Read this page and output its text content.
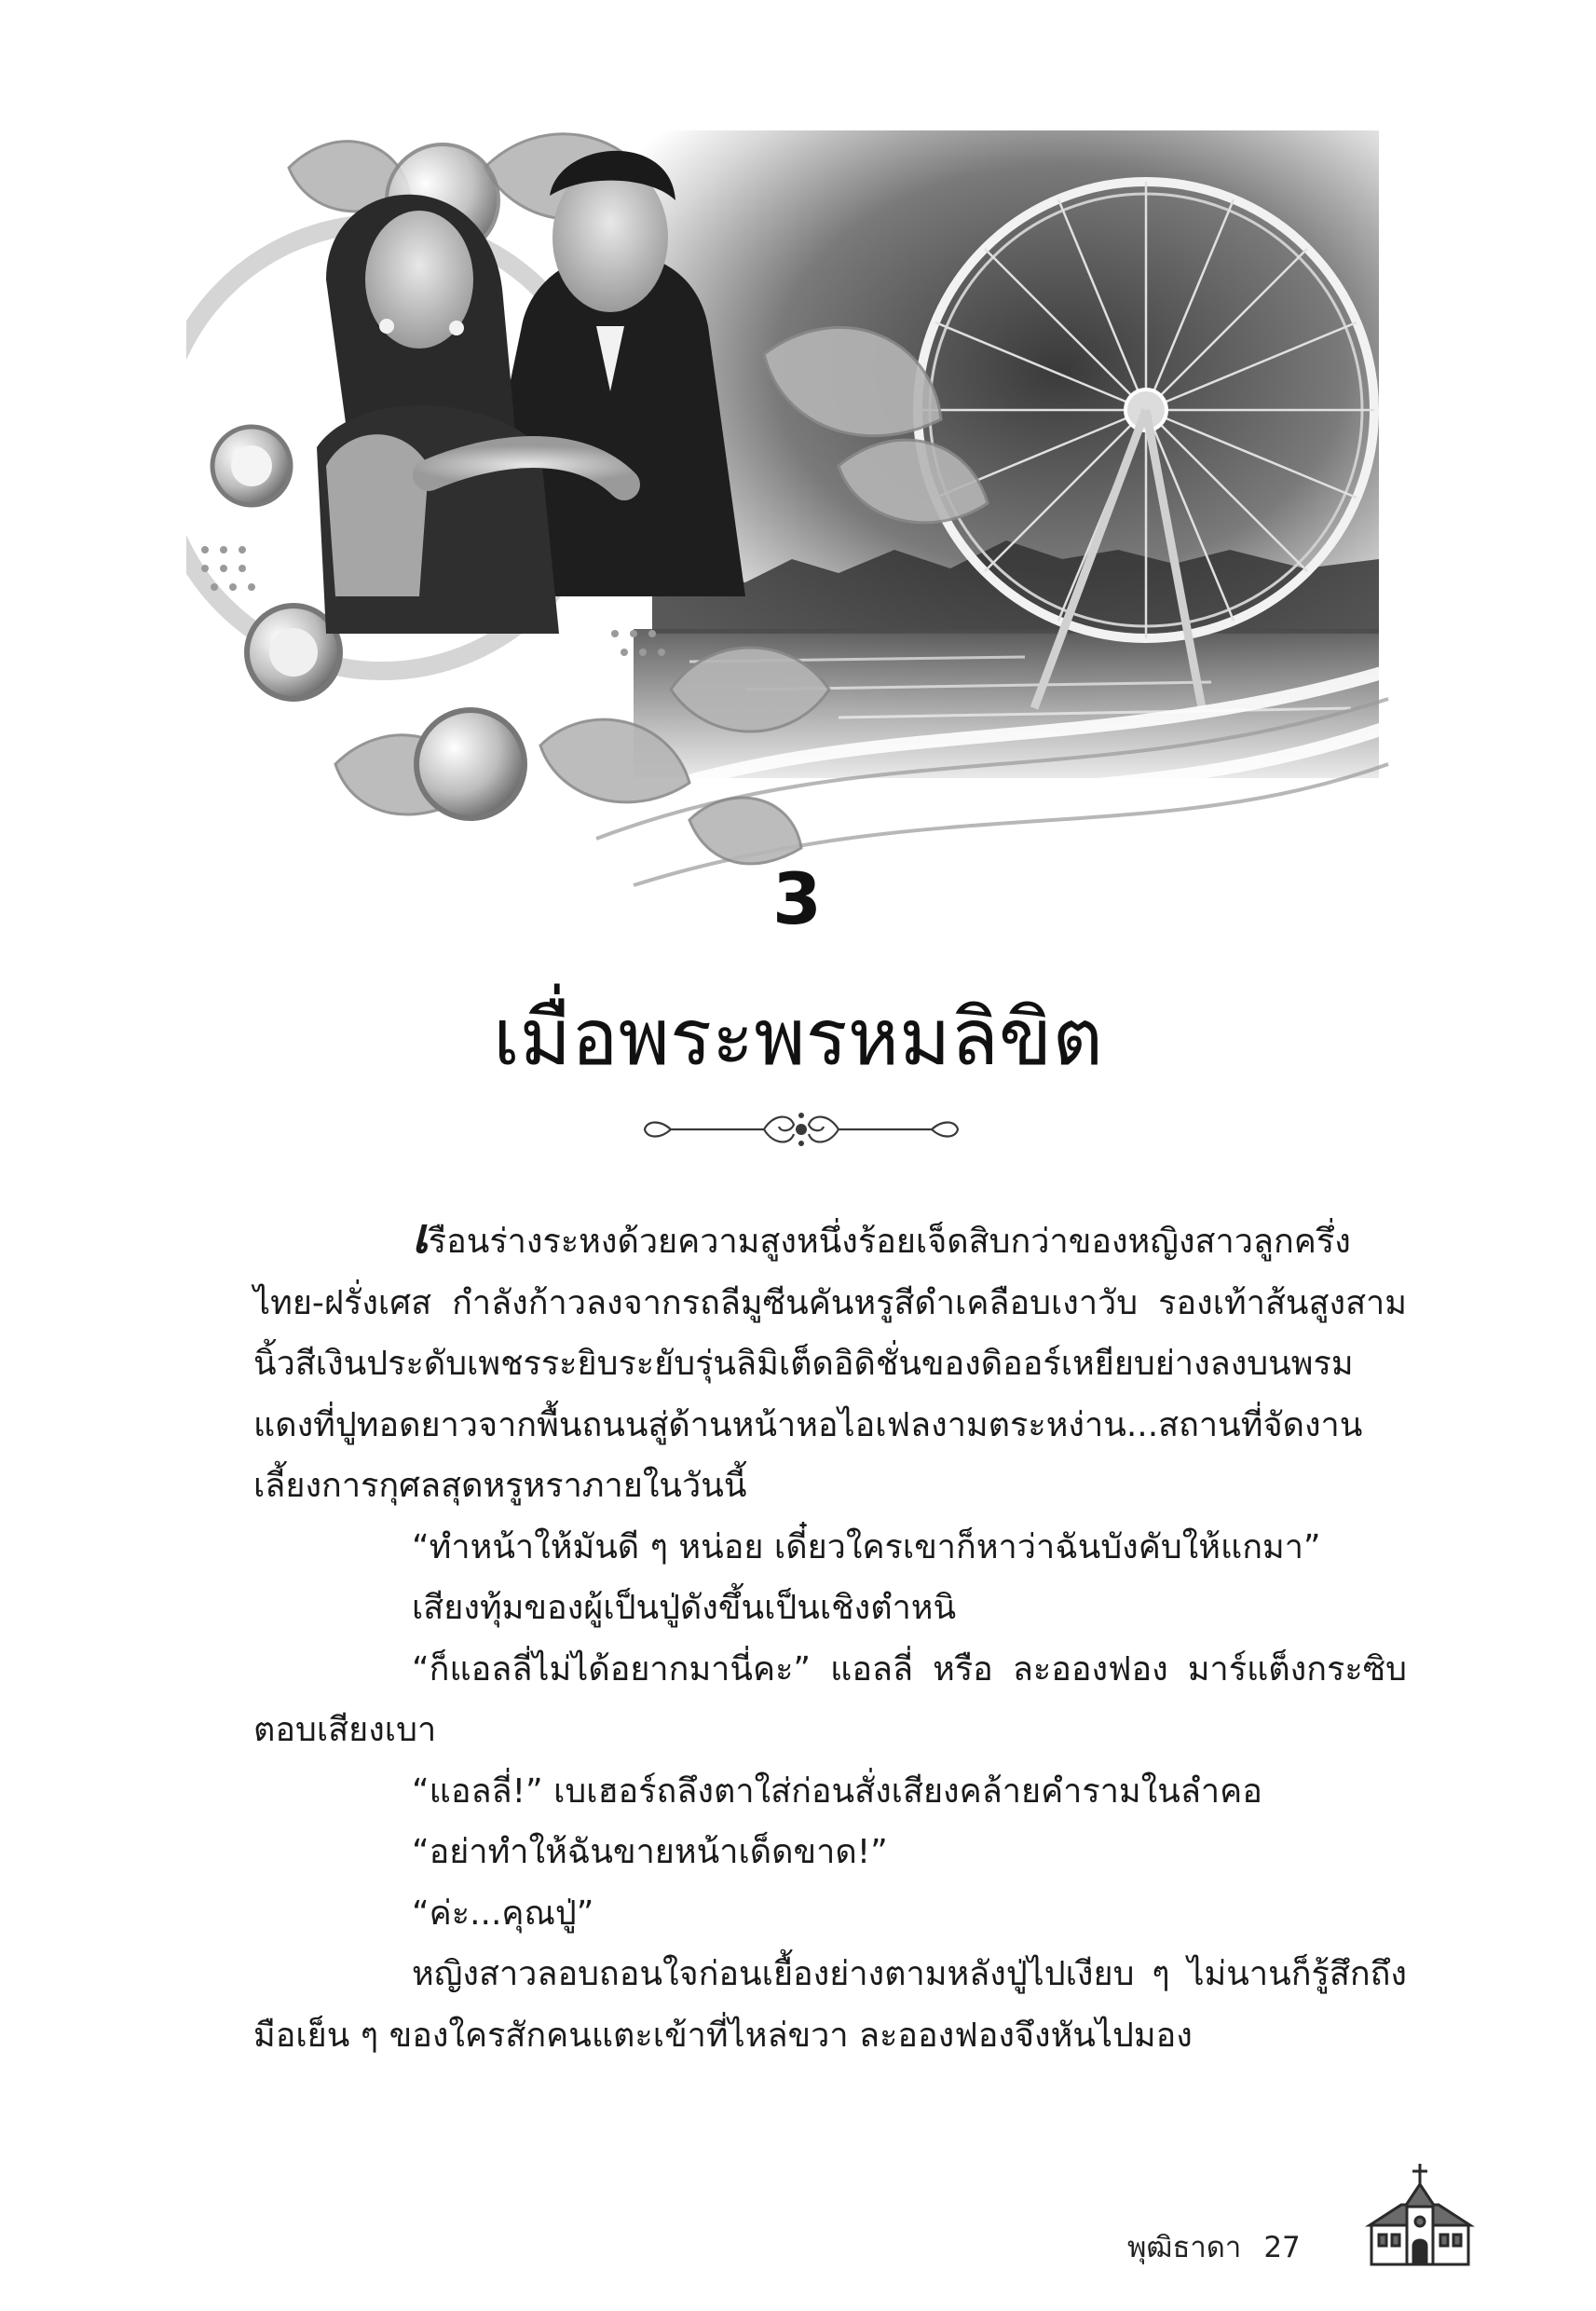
3
เมื่อพระพรหมลิขิต

เรือนร่างระหงด้วยความสูงหนึ่งร้อยเจ็ดสิบกว่าของหญิงสาวลูกครึ่งไทย-ฝรั่งเศส กำลังก้าวลงจากรถลีมูซีนคันหรูสีดำเคลือบเงาวับ รองเท้าส้นสูงสามนิ้วสีเงินประดับเพชรระยิบระยับรุ่นลิมิเต็ดอิดิชั่นของดิออร์เหยียบย่างลงบนพรมแดงที่ปูทอดยาวจากพื้นถนนสู่ด้านหน้าหอไอเฟลงามตระหง่าน...สถานที่จัดงานเลี้ยงการกุศลสุดหรูหราภายในวันนี้

“ทำหน้าให้มันดี ๆ หน่อย เดี๋ยวใครเขาก็หาว่าฉันบังคับให้แกมา”

เสียงทุ้มของผู้เป็นปู่ดังขึ้นเป็นเชิงตำหนิ

“ก็แอลลี่ไม่ได้อยากมานี่คะ” แอลลี่ หรือ ละอองฟอง มาร์แต็งกระซิบตอบเสียงเบา

“แอลลี่!” เบเฮอร์ถลึงตาใส่ก่อนสั่งเสียงคล้ายคำรามในลำคอ

“อย่าทำให้ฉันขายหน้าเด็ดขาด!”

“ค่ะ...คุณปู่”

หญิงสาวลอบถอนใจก่อนเยื้องย่างตามหลังปู่ไปเงียบ ๆ ไม่นานก็รู้สึกถึงมือเย็น ๆ ของใครสักคนแตะเข้าที่ไหล่ขวา ละอองฟองจึงหันไปมอง

พุฒิธาดา 27
